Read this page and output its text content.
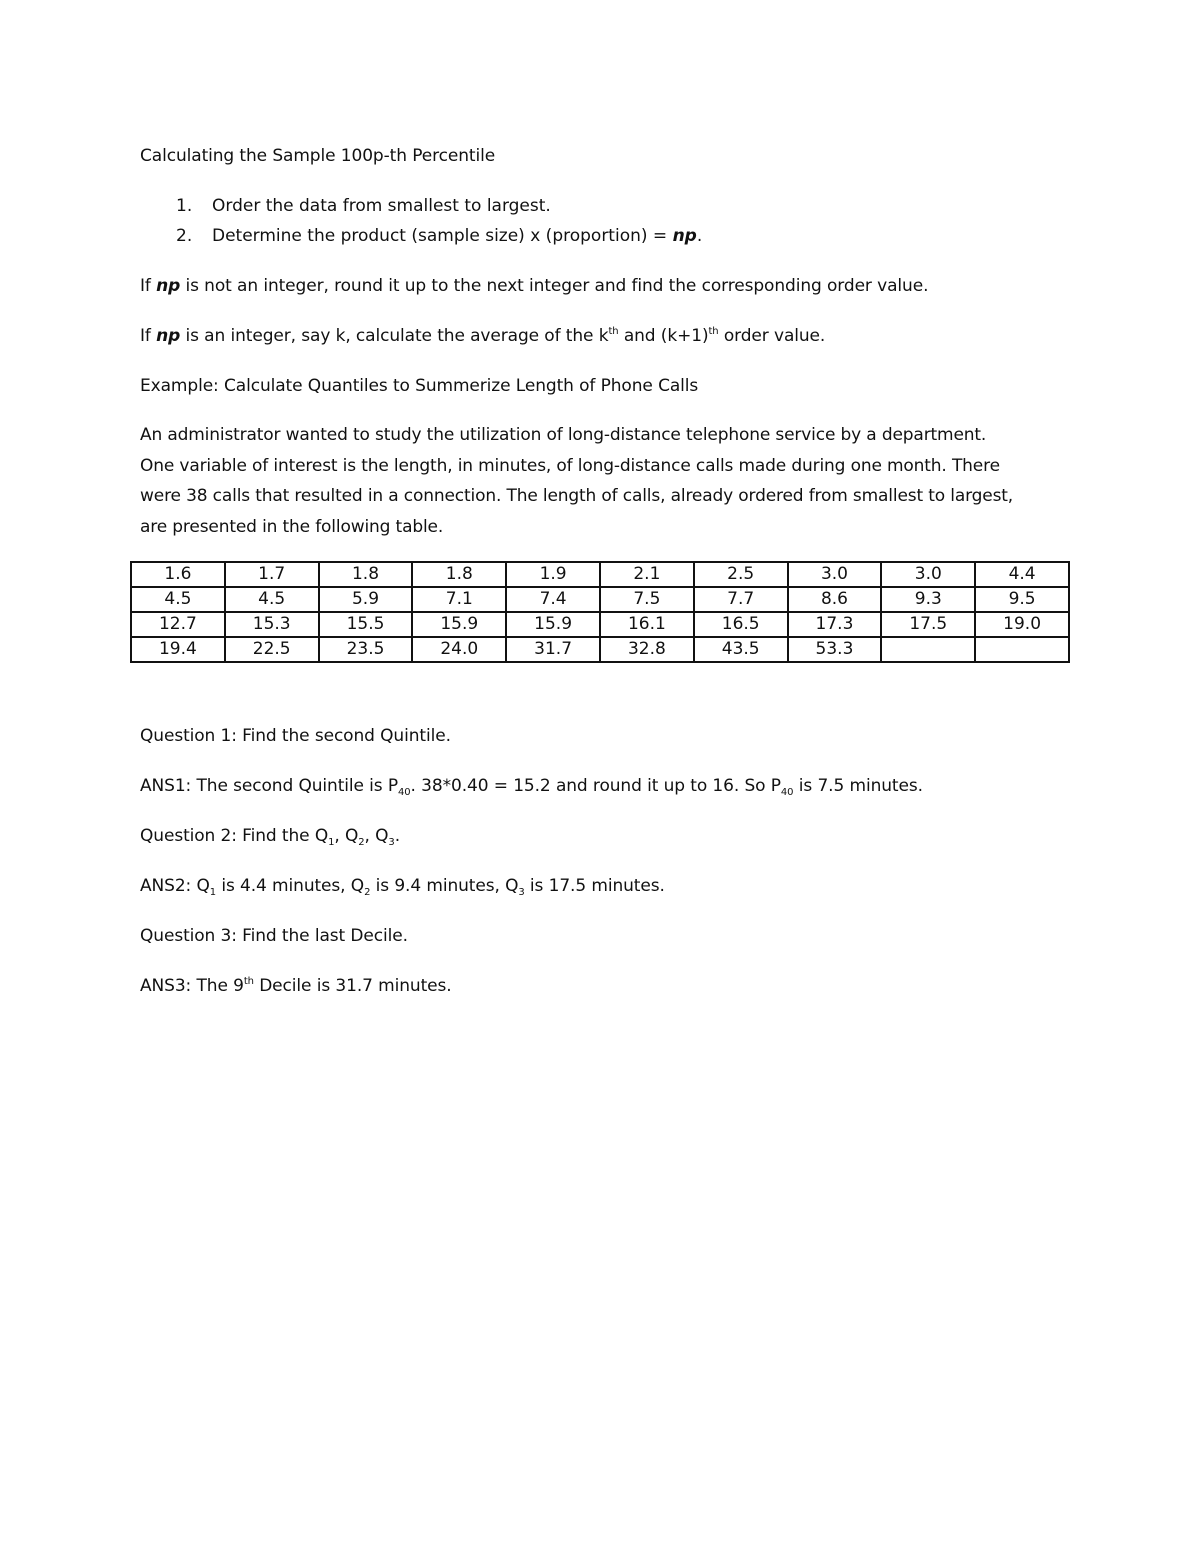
Calculating the Sample 100p-th Percentile
1. Order the data from smallest to largest.
2. Determine the product (sample size) x (proportion) = np.
If np is not an integer, round it up to the next integer and find the corresponding order value.
If np is an integer, say k, calculate the average of the $k^{th}$ and $(k+1)^{th}$ order value.
Example: Calculate Quantiles to Summerize Length of Phone Calls
An administrator wanted to study the utilization of long-distance telephone service by a department.
One variable of interest is the length, in minutes, of long-distance calls made during one month. There
were 38 calls that resulted in a connection. The length of calls, already ordered from smallest to largest,
are presented in the following table.
1.6	1.7	1.8	1.8	1.9	2.1	2.5	3.0	3.0	4.4
4.5	4.5	5.9	7.1	7.4	7.5	7.7	8.6	9.3	9.5
12.7	15.3	15.5	15.9	15.9	16.1	16.5	17.3	17.5	19.0
19.4	22.5	23.5	24.0	31.7	32.8	43.5	53.3		
Question 1: Find the second Quintile.
ANS1: The second Quintile is $P_{40}$. 38*0.40 = 15.2 and round it up to 16. So $P_{40}$ is 7.5 minutes.
Question 2: Find the $Q_1$, $Q_2$, $Q_3$.
ANS2: $Q_1$ is 4.4 minutes, $Q_2$ is 9.4 minutes, $Q_3$ is 17.5 minutes.
Question 3: Find the last Decile.
ANS3: The 9th Decile is 31.7 minutes.
